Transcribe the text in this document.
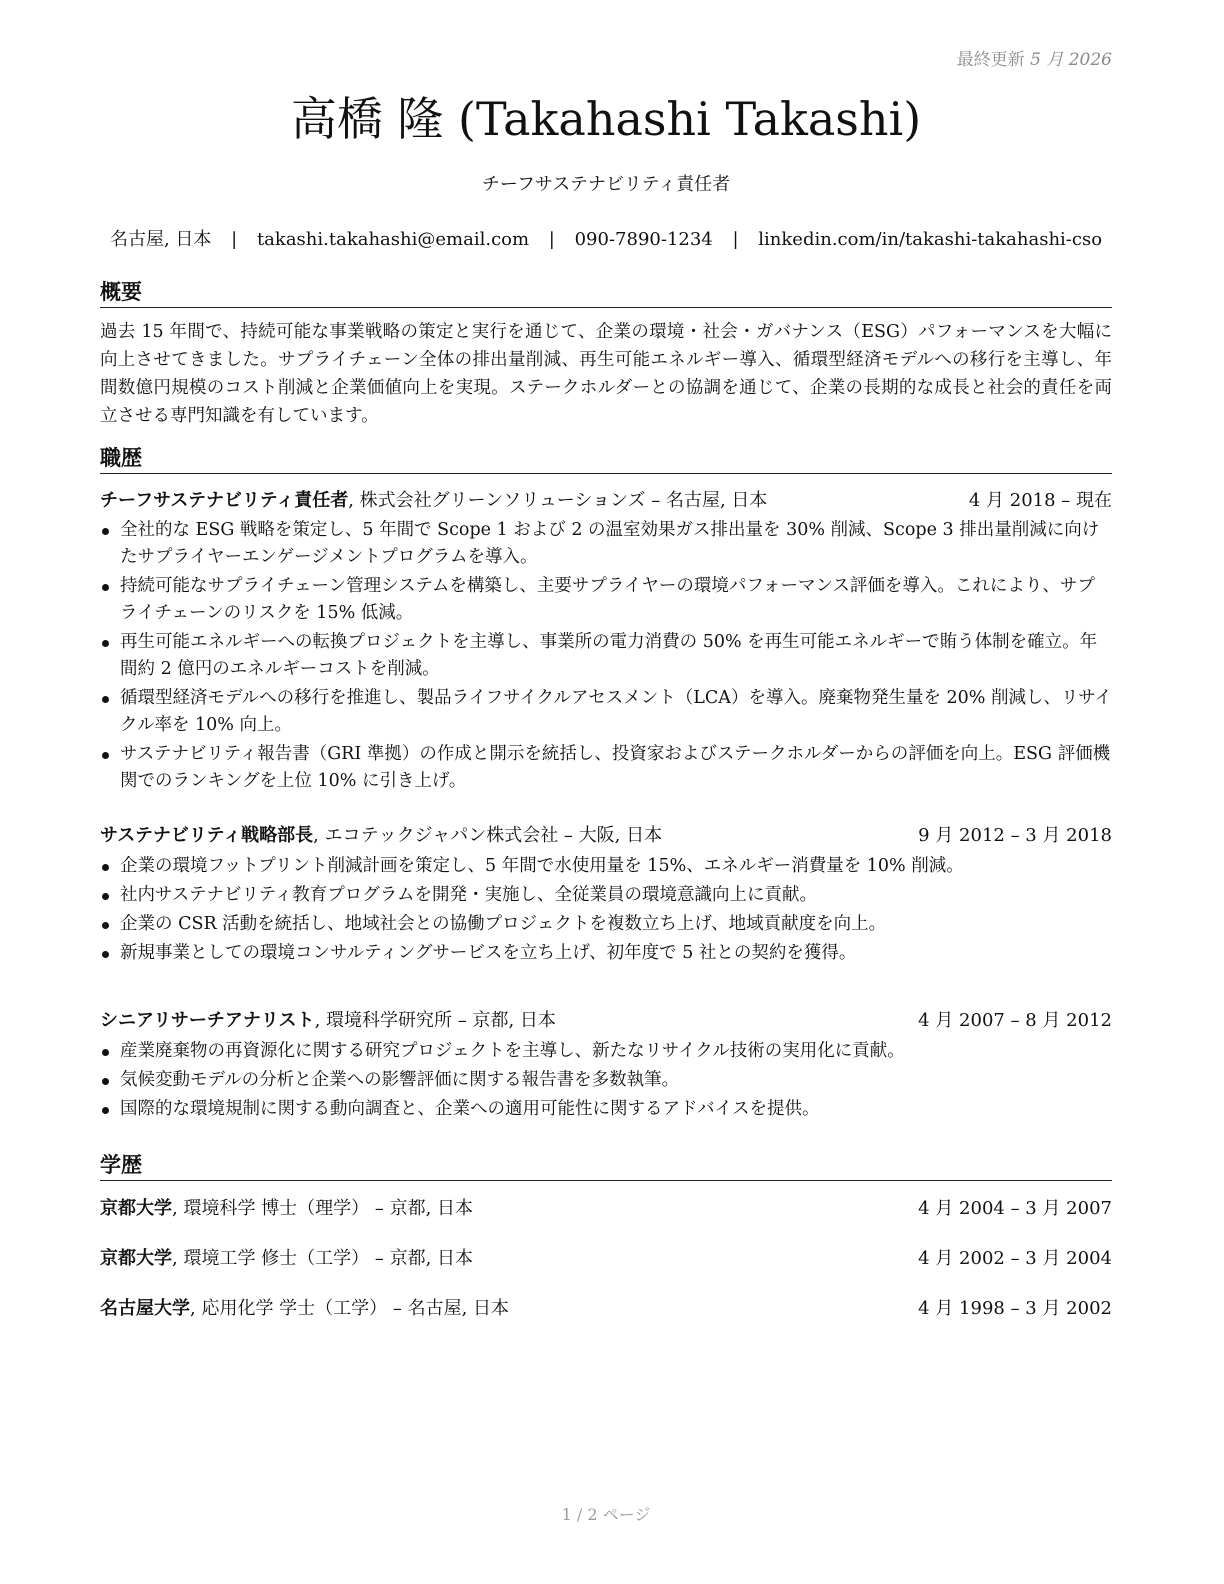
最終更新 5 月 2026
高橋 隆 (Takahashi Takashi)
チーフサステナビリティ責任者
名古屋, 日本 | takashi.takahashi@email.com | 090-7890-1234 | linkedin.com/in/takashi-takahashi-cso
概要

過去 15 年間で、持続可能な事業戦略の策定と実行を通じて、企業の環境・社会・ガバナンス（ESG）パフォーマンスを大幅に向上させてきました。サプライチェーン全体の排出量削減、再生可能エネルギー導入、循環型経済モデルへの移行を主導し、年間数億円規模のコスト削減と企業価値向上を実現。ステークホルダーとの協調を通じて、企業の長期的な成長と社会的責任を両立させる専門知識を有しています。

職歴
チーフサステナビリティ責任者, 株式会社グリーンソリューションズ – 名古屋, 日本	4 月 2018 – 現在
全社的な ESG 戦略を策定し、5 年間で Scope 1 および 2 の温室効果ガス排出量を 30% 削減、Scope 3 排出量削減に向けたサプライヤーエンゲージメントプログラムを導入。
持続可能なサプライチェーン管理システムを構築し、主要サプライヤーの環境パフォーマンス評価を導入。これにより、サプライチェーンのリスクを 15% 低減。
再生可能エネルギーへの転換プロジェクトを主導し、事業所の電力消費の 50% を再生可能エネルギーで賄う体制を確立。年間約 2 億円のエネルギーコストを削減。
循環型経済モデルへの移行を推進し、製品ライフサイクルアセスメント（LCA）を導入。廃棄物発生量を 20% 削減し、リサイクル率を 10% 向上。
サステナビリティ報告書（GRI 準拠）の作成と開示を統括し、投資家およびステークホルダーからの評価を向上。ESG 評価機関でのランキングを上位 10% に引き上げ。
サステナビリティ戦略部長, エコテックジャパン株式会社 – 大阪, 日本	9 月 2012 – 3 月 2018
企業の環境フットプリント削減計画を策定し、5 年間で水使用量を 15%、エネルギー消費量を 10% 削減。
社内サステナビリティ教育プログラムを開発・実施し、全従業員の環境意識向上に貢献。
企業の CSR 活動を統括し、地域社会との協働プロジェクトを複数立ち上げ、地域貢献度を向上。
新規事業としての環境コンサルティングサービスを立ち上げ、初年度で 5 社との契約を獲得。
シニアリサーチアナリスト, 環境科学研究所 – 京都, 日本	4 月 2007 – 8 月 2012
産業廃棄物の再資源化に関する研究プロジェクトを主導し、新たなリサイクル技術の実用化に貢献。
気候変動モデルの分析と企業への影響評価に関する報告書を多数執筆。
国際的な環境規制に関する動向調査と、企業への適用可能性に関するアドバイスを提供。
学歴
京都大学, 環境科学 博士（理学） – 京都, 日本	4 月 2004 – 3 月 2007
京都大学, 環境工学 修士（工学） – 京都, 日本	4 月 2002 – 3 月 2004
名古屋大学, 応用化学 学士（工学） – 名古屋, 日本	4 月 1998 – 3 月 2002
1 / 2 ページ
